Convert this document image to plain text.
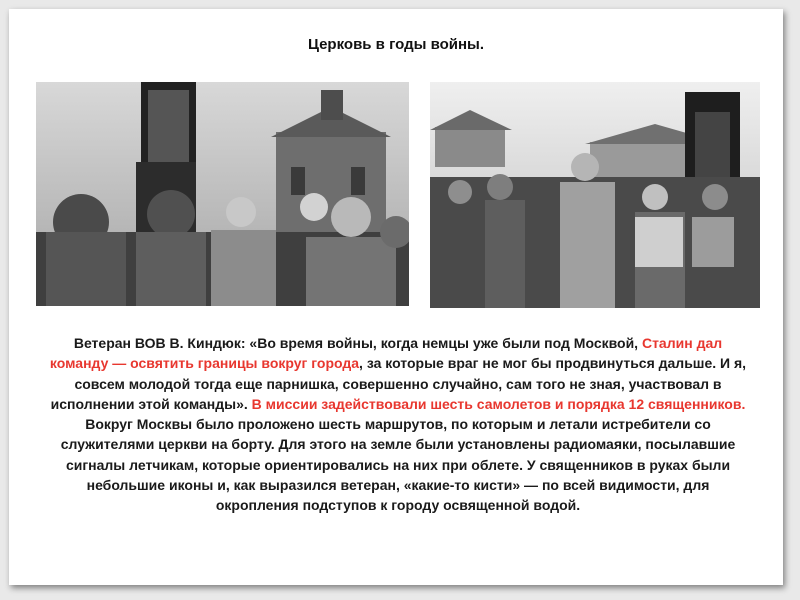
Церковь в годы войны.
Ветеран ВОВ В. Киндюк: «Во время войны, когда немцы уже были под Москвой, Сталин дал команду — освятить границы вокруг города, за которые враг не мог бы продвинуться дальше. И я, совсем молодой тогда еще парнишка, совершенно случайно, сам того не зная, участвовал в исполнении этой команды». В миссии задействовали шесть самолетов и порядка 12 священников. Вокруг Москвы было проложено шесть маршрутов, по которым и летали истребители со служителями церкви на борту. Для этого на земле были установлены радиомаяки, посылавшие сигналы летчикам, которые ориентировались на них при облете. У священников в руках были небольшие иконы и, как выразился ветеран, «какие-то кисти» — по всей видимости, для окропления подступов к городу освященной водой.
